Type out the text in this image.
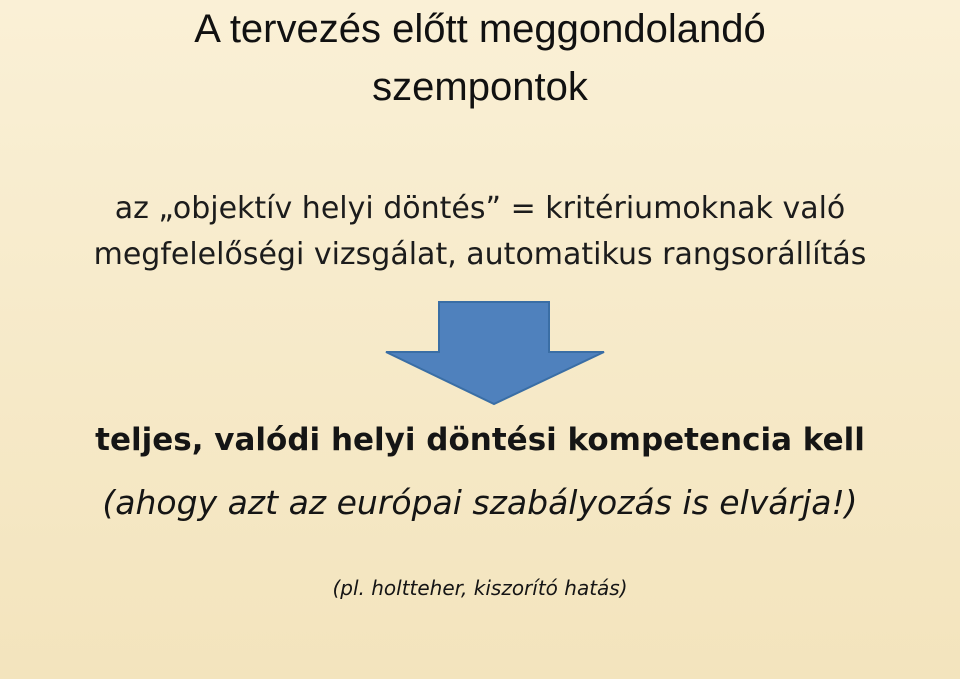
A tervezés előtt meggondolandó
szempontok
az „objektív helyi döntés” = kritériumoknak való
megfelelőségi vizsgálat, automatikus rangsorállítás
teljes, valódi helyi döntési kompetencia kell
(ahogy azt az európai szabályozás is elvárja!)
(pl. holtteher, kiszorító hatás)
